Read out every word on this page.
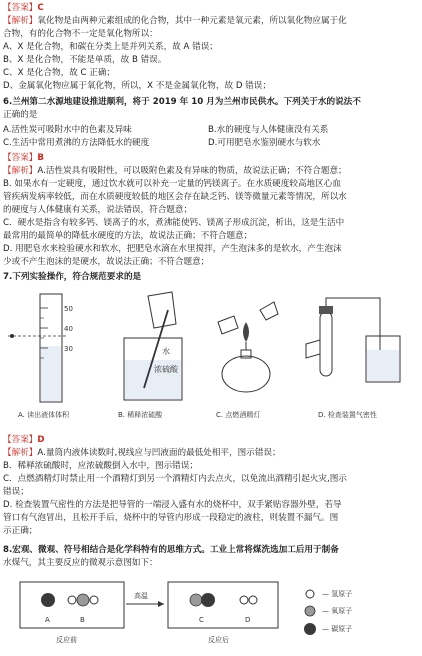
【答案】C
【解析】氧化物是由两种元素组成的化合物，其中一种元素是氧元素，所以氧化物应属于化
合物，有的化合物不一定是氧化物所以：
A、X 是化合物，和碳在分类上是并列关系，故 A 错误；
B、X 是化合物，不能是单质，故 B 错误。
C、X 是化合物，故 C 正确；
D、金属氧化物应属于氧化物，所以，X 不是金属氧化物，故 D 错误；
6.兰州第二水源地建设推进顺利，将于 2019 年 10 月为兰州市民供水。下列关于水的说法不
正确的是
A.活性炭可吸附水中的色素及异味	B.水的硬度与人体健康没有关系
C.生活中常用煮沸的方法降低水的硬度	D.可用肥皂水鉴别硬水与软水
【答案】B
【解析】A.活性炭具有吸附性，可以吸附色素及有异味的物质，故说法正确；不符合题意；
B. 如果水有一定硬度，通过饮水就可以补充一定量的钙镁离子。在水质硬度较高地区心血
管疾病发病率较低，而在水质硬度较低的地区会存在缺乏钙、镁等微量元素等情况，所以水
的硬度与人体健康有关系，说法错误，符合题意；
C．硬水是指含有较多钙、镁离子的水，煮沸能使钙、镁离子形成沉淀，析出，这是生活中
最常用的最简单的降低水硬度的方法，故说法正确；不符合题意；
D. 用肥皂水来检验硬水和软水，把肥皂水滴在水里搅拌，产生泡沫多的是软水，产生泡沫
少或不产生泡沫的是硬水，故说法正确；不符合题意；
7.下列实验操作，符合规范要求的是
50
40
30	水
浓硫酸
A. 读出液体体积	B. 稀释浓硫酸	C. 点燃酒精灯	D. 检查装置气密性
【答案】D
【解析】A.量筒内液体读数时,视线应与凹液面的最低处相平，图示错误；
B．稀释浓硫酸时，应浓硫酸倒入水中，图示错误；
C．点燃酒精灯时禁止用一个酒精灯到另一个酒精灯内去点火，以免流出酒精引起火灾,图示
错误；
D. 检查装置气密性的方法是把导管的一端浸入盛有水的烧杯中，双手紧贴容器外壁，若导
管口有气泡冒出，且松开手后，烧杯中的导管内形成一段稳定的液柱，则装置不漏气。图
示正确；
8.宏观、微观、符号相结合是化学科特有的思维方式。工业上常将煤洗选加工后用于制备
水煤气，其主要反应的微观示意图如下：
高温
A	B	C	D
反应前	反应后
— 氢原子
— 氧原子
— 碳原子
